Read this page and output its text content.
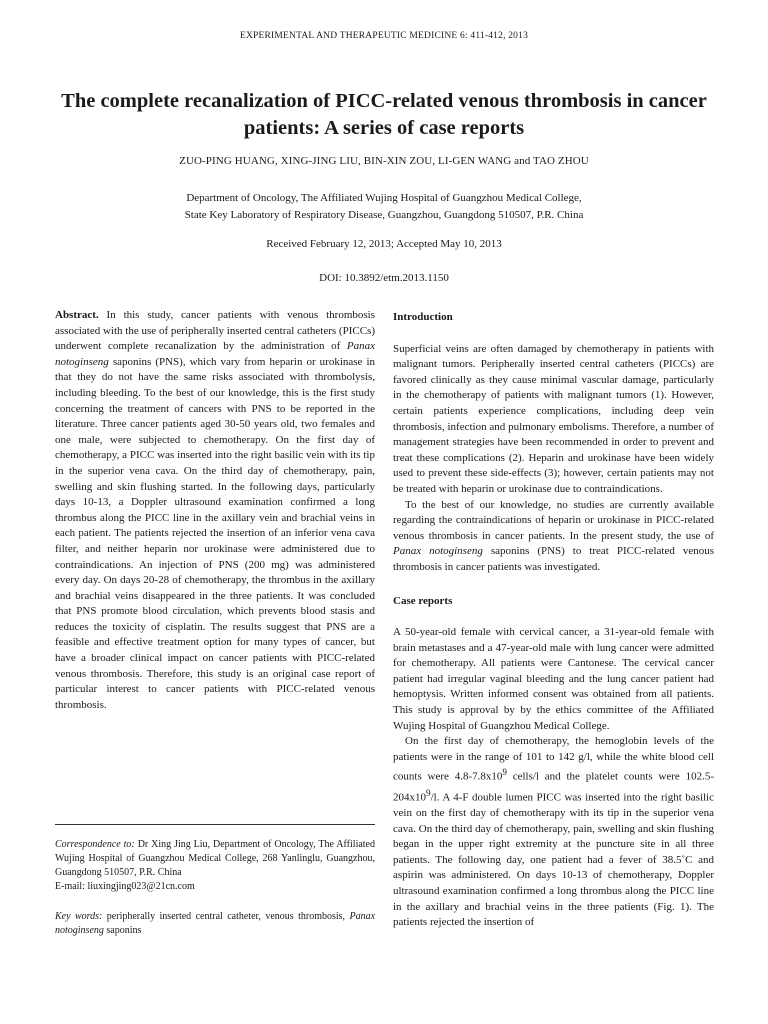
EXPERIMENTAL AND THERAPEUTIC MEDICINE 6: 411-412, 2013
The complete recanalization of PICC-related venous thrombosis in cancer patients: A series of case reports
ZUO-PING HUANG, XING-JING LIU, BIN-XIN ZOU, LI-GEN WANG and TAO ZHOU
Department of Oncology, The Affiliated Wujing Hospital of Guangzhou Medical College,
State Key Laboratory of Respiratory Disease, Guangzhou, Guangdong 510507, P.R. China
Received February 12, 2013; Accepted May 10, 2013
DOI: 10.3892/etm.2013.1150

Abstract. In this study, cancer patients with venous thrombosis associated with the use of peripherally inserted central catheters (PICCs) underwent complete recanalization by the administration of Panax notoginseng saponins (PNS), which vary from heparin or urokinase in that they do not have the same risks associated with thrombolysis, including bleeding. To the best of our knowledge, this is the first study concerning the treatment of cancers with PNS to be reported in the literature. Three cancer patients aged 30-50 years old, two females and one male, were subjected to chemotherapy. On the first day of chemotherapy, a PICC was inserted into the right basilic vein with its tip in the superior vena cava. On the third day of chemotherapy, pain, swelling and skin flushing started. In the following days, particularly days 10-13, a Doppler ultrasound examination confirmed a long thrombus along the PICC line in the axillary vein and brachial veins in each patient. The patients rejected the insertion of an inferior vena cava filter, and neither heparin nor urokinase were administered due to contraindications. An injection of PNS (200 mg) was administered every day. On days 20-28 of chemotherapy, the thrombus in the axillary and brachial veins disappeared in the three patients. It was concluded that PNS promote blood circulation, which prevents blood stasis and reduces the toxicity of cisplatin. The results suggest that PNS are a feasible and effective treatment option for many types of cancer, but have a broader clinical impact on cancer patients with PICC-related venous thrombosis. Therefore, this study is an original case report of particular interest to cancer patients with PICC-related venous thrombosis.

Correspondence to: Dr Xing Jing Liu, Department of Oncology, The Affiliated Wujing Hospital of Guangzhou Medical College, 268 Yanlinglu, Guangzhou, Guangdong 510507, P.R. China
E-mail: liuxingjing023@21cn.com
Key words: peripherally inserted central catheter, venous thrombosis, Panax notoginseng saponins

Introduction

Superficial veins are often damaged by chemotherapy in patients with malignant tumors. Peripherally inserted central catheters (PICCs) are favored clinically as they cause minimal vascular damage, particularly in the chemotherapy of patients with malignant tumors (1). However, certain patients experience complications, including deep vein thrombosis, infection and pulmonary embolisms. Therefore, a number of management strategies have been recommended in order to prevent and treat these complications (2). Heparin and urokinase have been widely used to prevent these side-effects (3); however, certain patients may not be treated with heparin or urokinase due to contraindications.

To the best of our knowledge, no studies are currently available regarding the contraindications of heparin or urokinase in PICC-related venous thrombosis in cancer patients. In the present study, the use of Panax notoginseng saponins (PNS) to treat PICC-related venous thrombosis in cancer patients was investigated.

Case reports

A 50-year-old female with cervical cancer, a 31-year-old female with brain metastases and a 47-year-old male with lung cancer were admitted for chemotherapy. All patients were Cantonese. The cervical cancer patient had irregular vaginal bleeding and the lung cancer patient had hemoptysis. Written informed consent was obtained from all patients. This study is approval by by the ethics committee of the Affiliated Wujing Hospital of Guangzhou Medical College.

On the first day of chemotherapy, the hemoglobin levels of the patients were in the range of 101 to 142 g/l, while the white blood cell counts were $4.8-7.8x10^9$ cells/l and the platelet counts were $102.5-204x10^9/l$. A 4-F double lumen PICC was inserted into the right basilic vein on the first day of chemotherapy with its tip in the superior vena cava. On the third day of chemotherapy, pain, swelling and skin flushing began in the upper right extremity at the puncture site in all three patients. The following day, one patient had a fever of 38.5˚C and aspirin was administered. On days 10-13 of chemotherapy, Doppler ultrasound examination confirmed a long thrombus along the PICC line in the axillary and brachial veins in the three patients (Fig. 1). The patients rejected the insertion of
